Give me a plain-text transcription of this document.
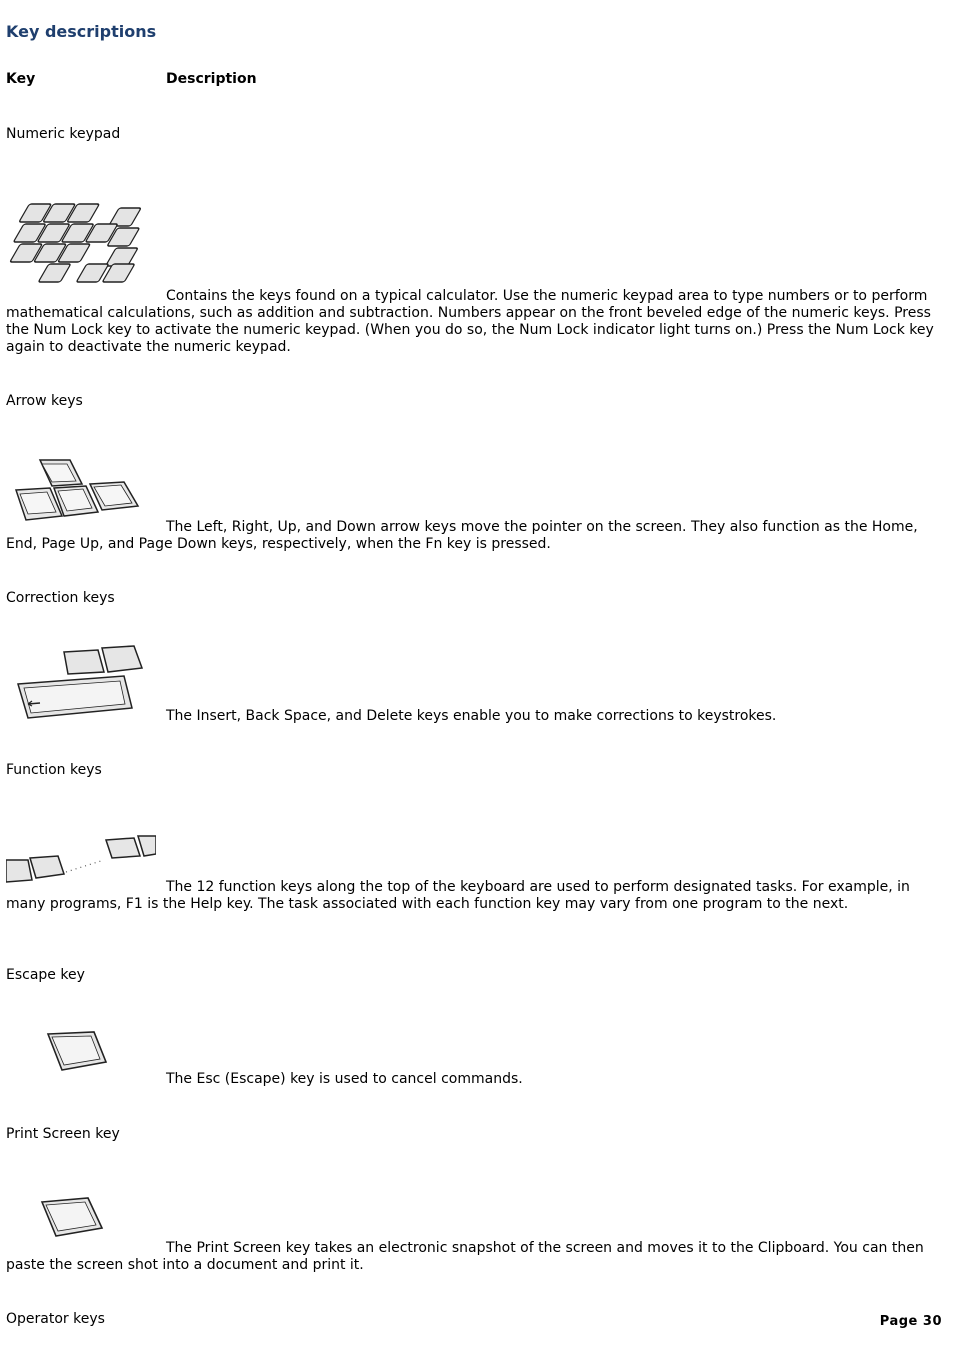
Key descriptions
Key	Description
Numeric keypad
Contains the keys found on a typical calculator. Use the numeric keypad area to type numbers or to perform mathematical calculations, such as addition and subtraction. Numbers appear on the front beveled edge of the numeric keys. Press the Num Lock key to activate the numeric keypad. (When you do so, the Num Lock indicator light turns on.) Press the Num Lock key again to deactivate the numeric keypad.
Arrow keys
The Left, Right, Up, and Down arrow keys move the pointer on the screen. They also function as the Home, End, Page Up, and Page Down keys, respectively, when the Fn key is pressed.
Correction keys
The Insert, Back Space, and Delete keys enable you to make corrections to keystrokes.
Function keys
The 12 function keys along the top of the keyboard are used to perform designated tasks. For example, in many programs, F1 is the Help key. The task associated with each function key may vary from one program to the next.
Escape key
The Esc (Escape) key is used to cancel commands.
Print Screen key
The Print Screen key takes an electronic snapshot of the screen and moves it to the Clipboard. You can then paste the screen shot into a document and print it.
Operator keys	Page 30
